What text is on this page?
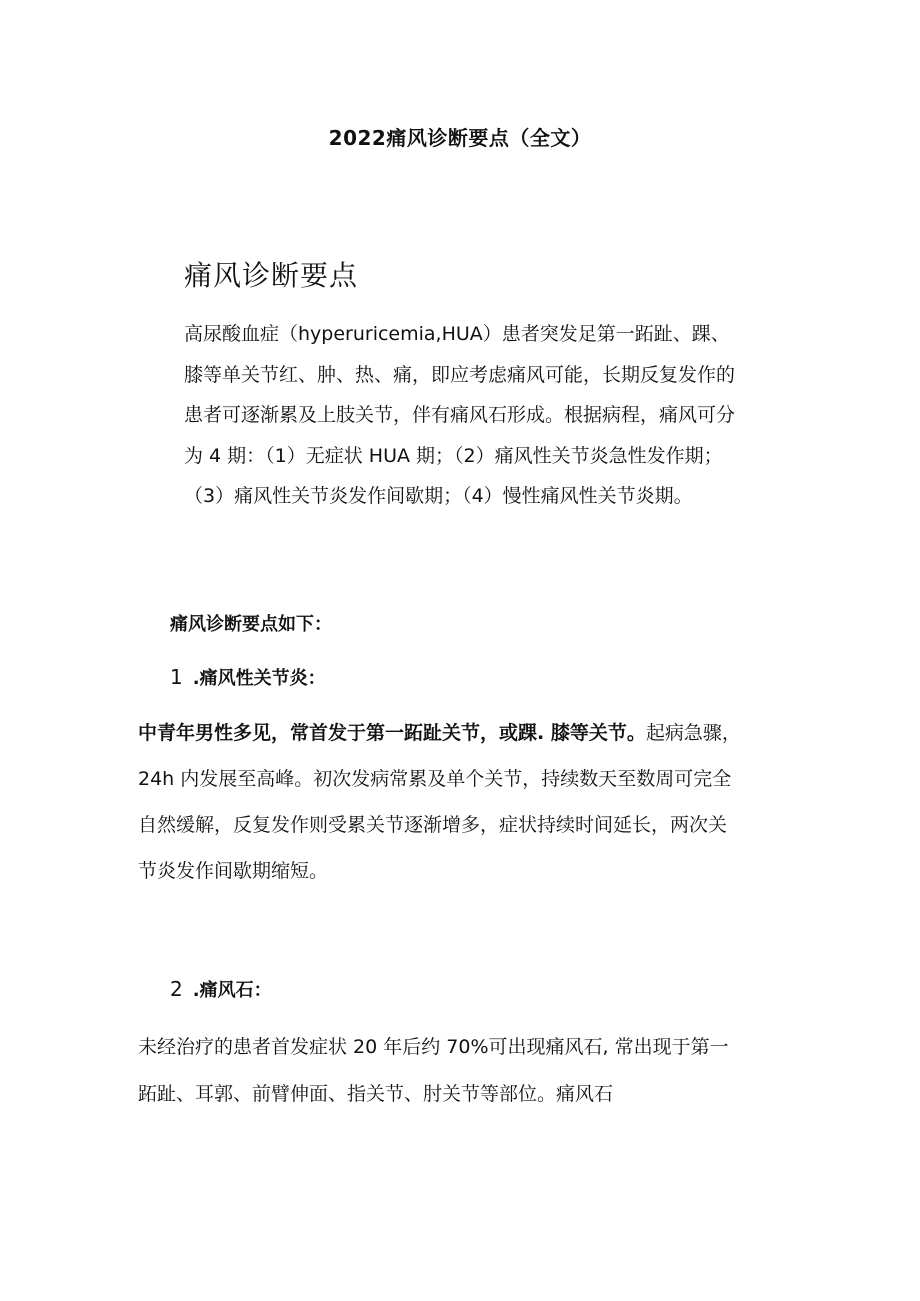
2022痛风诊断要点（全文）
痛风诊断要点
高尿酸血症（hyperuricemia,HUA）患者突发足第一跖趾、踝、
膝等单关节红、肿、热、痛，即应考虑痛风可能，长期反复发作的
患者可逐渐累及上肢关节，伴有痛风石形成。根据病程，痛风可分
为 4 期：（1）无症状 HUA 期；（2）痛风性关节炎急性发作期；
（3）痛风性关节炎发作间歇期；（4）慢性痛风性关节炎期。
痛风诊断要点如下：
1 .痛风性关节炎：
中青年男性多见，常首发于第一跖趾关节，或踝. 膝等关节。起病急骤，
24h 内发展至高峰。初次发病常累及单个关节，持续数天至数周可完全
自然缓解，反复发作则受累关节逐渐增多，症状持续时间延长，两次关
节炎发作间歇期缩短。
2 .痛风石：
未经治疗的患者首发症状 20 年后约 70%可出现痛风石, 常出现于第一
跖趾、耳郭、前臂伸面、指关节、肘关节等部位。痛风石
